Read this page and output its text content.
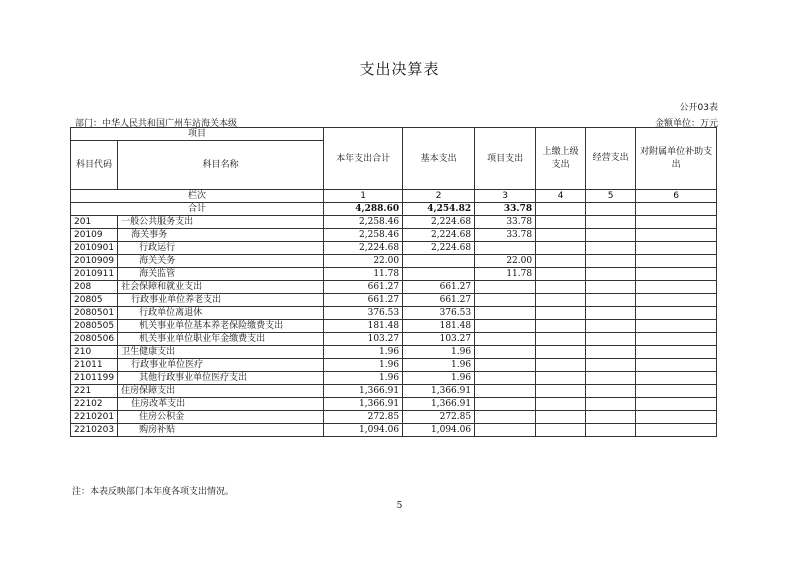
支出决算表
公开03表
部门：中华人民共和国广州车站海关本级	金额单位：万元
项目		本年支出合计	基本支出	项目支出	上缴上级支出	经营支出	对附属单位补助支出
科目代码	科目名称						
栏次		1	2	3	4	5	6
合计		4,288.60	4,254.82	33.78			
201	一般公共服务支出	2,258.46	2,224.68	33.78			
20109	海关事务	2,258.46	2,224.68	33.78			
2010901	行政运行	2,224.68	2,224.68				
2010909	海关关务	22.00		22.00			
2010911	海关监管	11.78		11.78			
208	社会保障和就业支出	661.27	661.27				
20805	行政事业单位养老支出	661.27	661.27				
2080501	行政单位离退休	376.53	376.53				
2080505	机关事业单位基本养老保险缴费支出	181.48	181.48				
2080506	机关事业单位职业年金缴费支出	103.27	103.27				
210	卫生健康支出	1.96	1.96				
21011	行政事业单位医疗	1.96	1.96				
2101199	其他行政事业单位医疗支出	1.96	1.96				
221	住房保障支出	1,366.91	1,366.91				
22102	住房改革支出	1,366.91	1,366.91				
2210201	住房公积金	272.85	272.85				
2210203	购房补贴	1,094.06	1,094.06				
注：本表反映部门本年度各项支出情况。
5
